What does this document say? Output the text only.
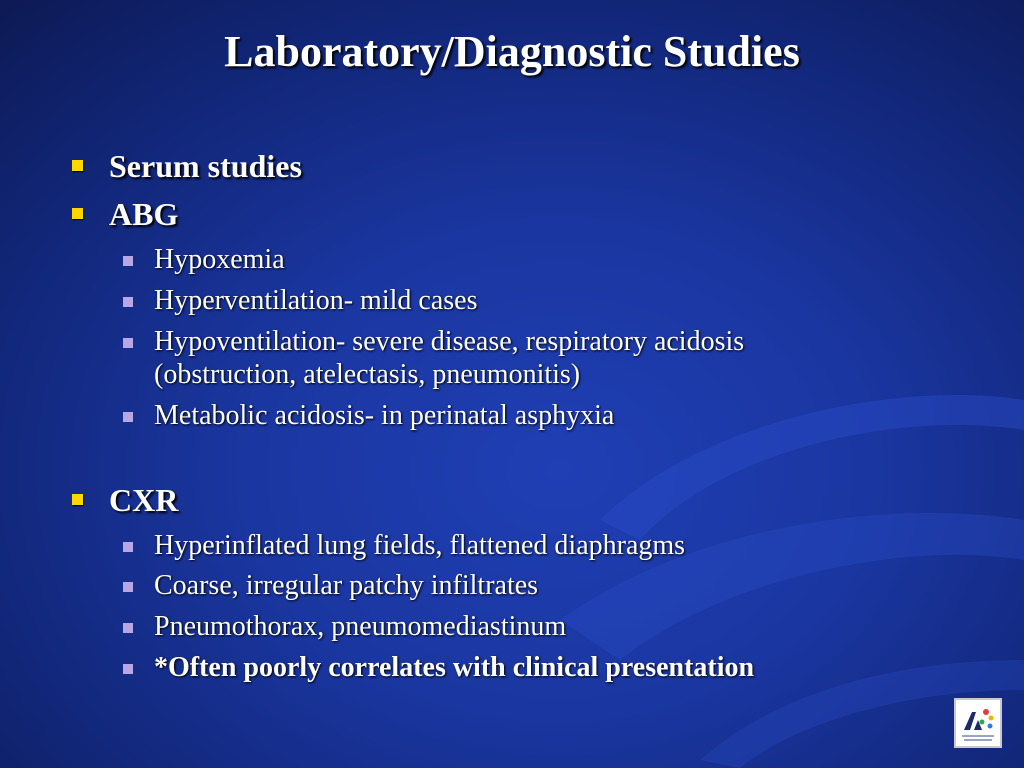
Laboratory/Diagnostic Studies
Serum studies
ABG
Hypoxemia
Hyperventilation- mild cases
Hypoventilation- severe disease, respiratory acidosis
(obstruction, atelectasis, pneumonitis)
Metabolic acidosis- in perinatal asphyxia
CXR
Hyperinflated lung fields, flattened diaphragms
Coarse, irregular patchy infiltrates
Pneumothorax, pneumomediastinum
*Often poorly correlates with clinical presentation
